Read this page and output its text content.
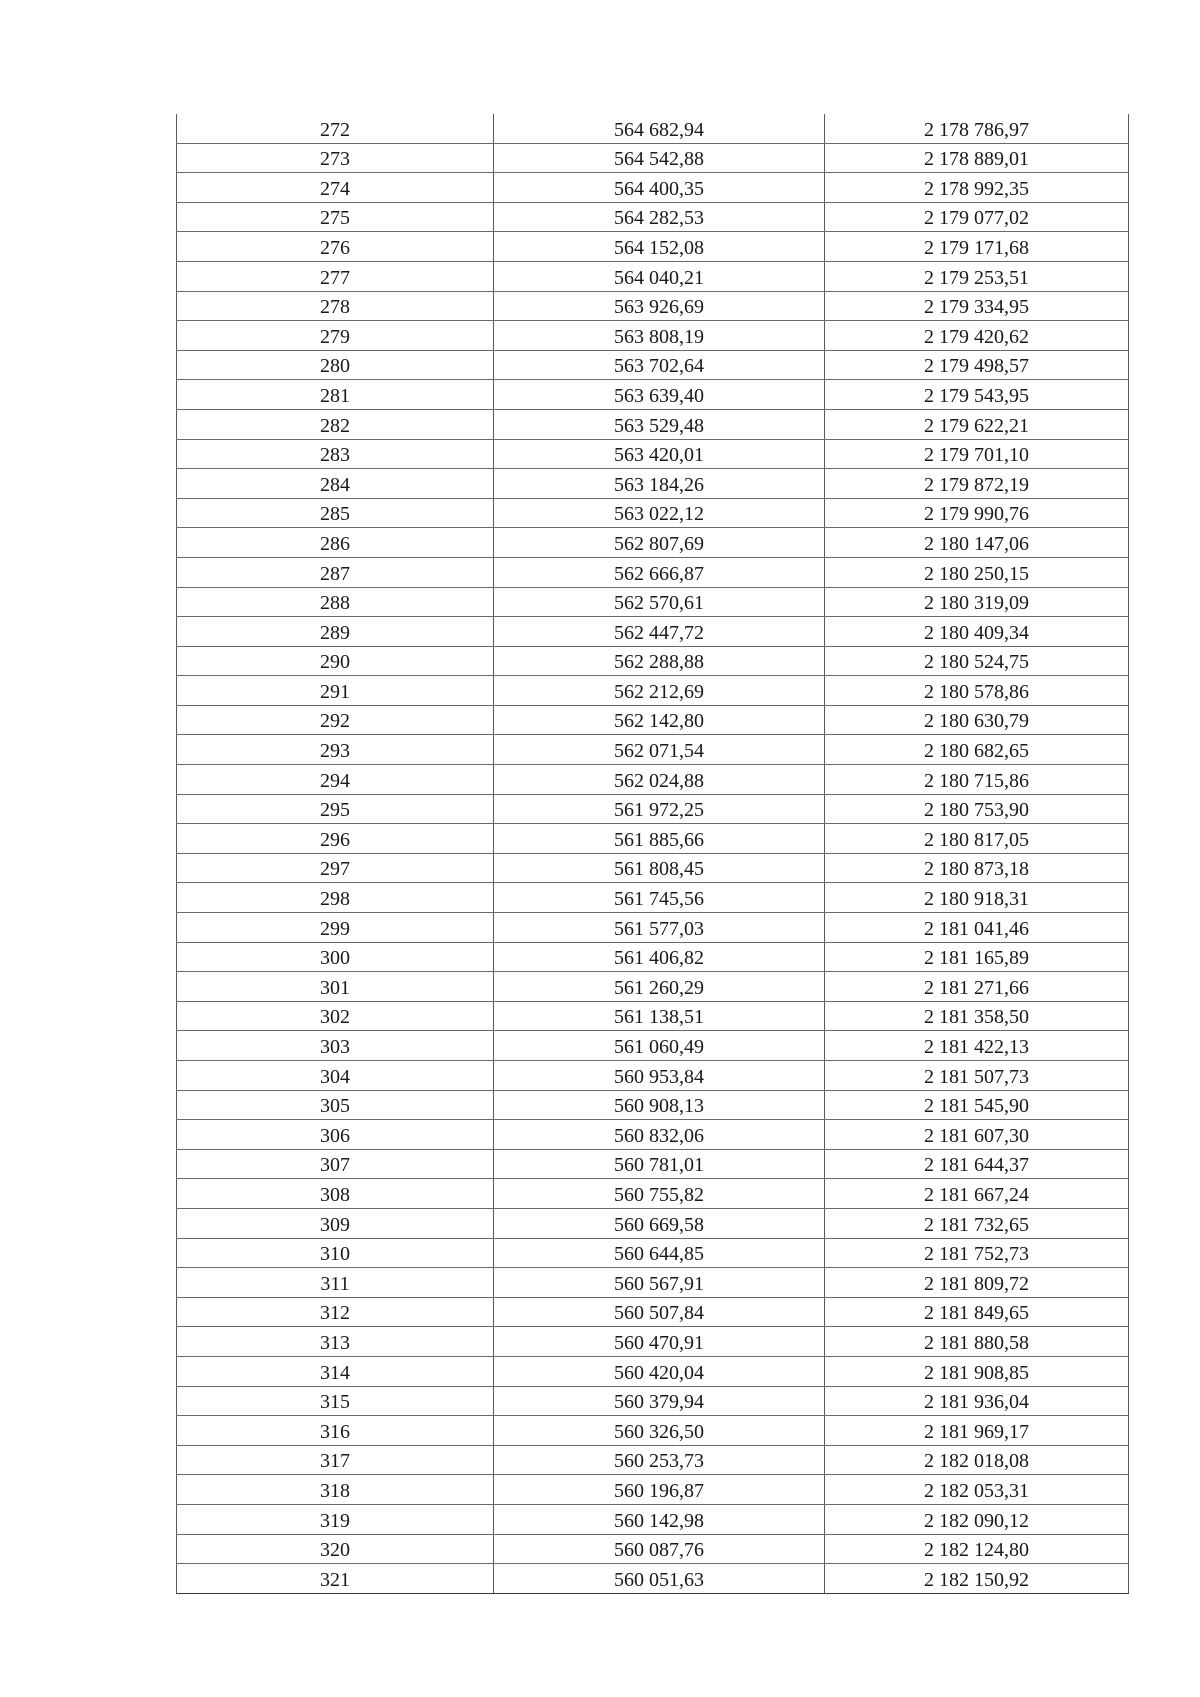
272	564 682,94	2 178 786,97
273	564 542,88	2 178 889,01
274	564 400,35	2 178 992,35
275	564 282,53	2 179 077,02
276	564 152,08	2 179 171,68
277	564 040,21	2 179 253,51
278	563 926,69	2 179 334,95
279	563 808,19	2 179 420,62
280	563 702,64	2 179 498,57
281	563 639,40	2 179 543,95
282	563 529,48	2 179 622,21
283	563 420,01	2 179 701,10
284	563 184,26	2 179 872,19
285	563 022,12	2 179 990,76
286	562 807,69	2 180 147,06
287	562 666,87	2 180 250,15
288	562 570,61	2 180 319,09
289	562 447,72	2 180 409,34
290	562 288,88	2 180 524,75
291	562 212,69	2 180 578,86
292	562 142,80	2 180 630,79
293	562 071,54	2 180 682,65
294	562 024,88	2 180 715,86
295	561 972,25	2 180 753,90
296	561 885,66	2 180 817,05
297	561 808,45	2 180 873,18
298	561 745,56	2 180 918,31
299	561 577,03	2 181 041,46
300	561 406,82	2 181 165,89
301	561 260,29	2 181 271,66
302	561 138,51	2 181 358,50
303	561 060,49	2 181 422,13
304	560 953,84	2 181 507,73
305	560 908,13	2 181 545,90
306	560 832,06	2 181 607,30
307	560 781,01	2 181 644,37
308	560 755,82	2 181 667,24
309	560 669,58	2 181 732,65
310	560 644,85	2 181 752,73
311	560 567,91	2 181 809,72
312	560 507,84	2 181 849,65
313	560 470,91	2 181 880,58
314	560 420,04	2 181 908,85
315	560 379,94	2 181 936,04
316	560 326,50	2 181 969,17
317	560 253,73	2 182 018,08
318	560 196,87	2 182 053,31
319	560 142,98	2 182 090,12
320	560 087,76	2 182 124,80
321	560 051,63	2 182 150,92
